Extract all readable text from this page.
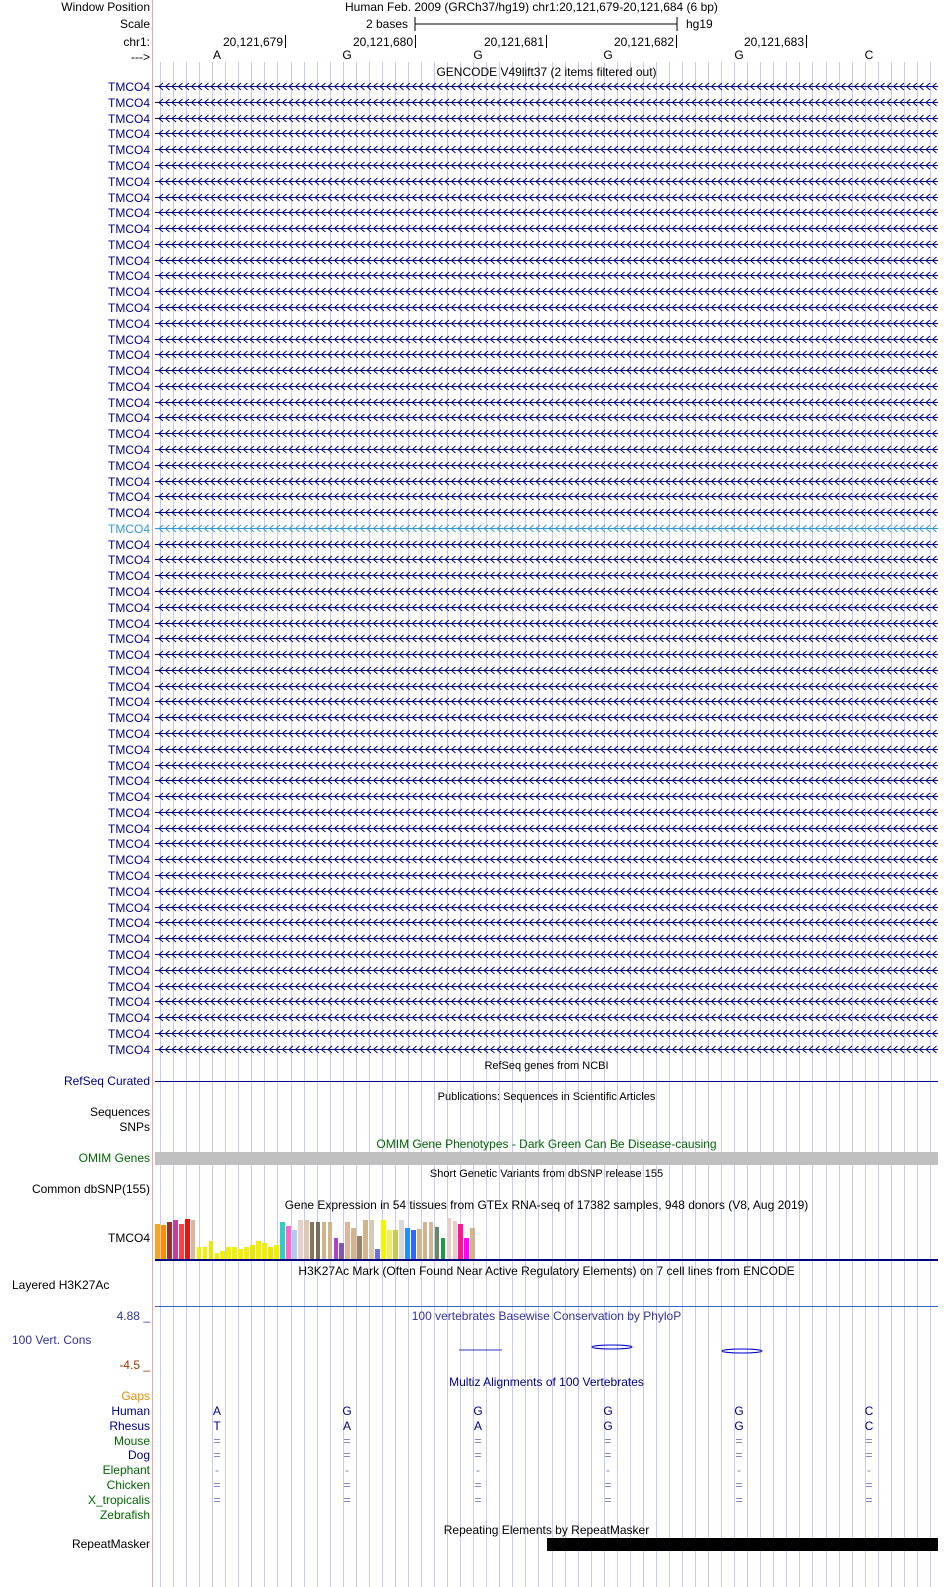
Window Position	Human Feb. 2009 (GRCh37/hg19) chr1:20,121,679-20,121,684 (6 bp)
Scale	2 bases	hg19
chr1:	20,121,679	20,121,680	20,121,681	20,121,682	20,121,683
--->	A	G	G	G	G	C
GENCODE V49lift37 (2 items filtered out)
TMCO4
TMCO4
TMCO4
TMCO4
TMCO4
TMCO4
TMCO4
TMCO4
TMCO4
TMCO4
TMCO4
TMCO4
TMCO4
TMCO4
TMCO4
TMCO4
TMCO4
TMCO4
TMCO4
TMCO4
TMCO4
TMCO4
TMCO4
TMCO4
TMCO4
TMCO4
TMCO4
TMCO4
TMCO4
TMCO4
TMCO4
TMCO4
TMCO4
TMCO4
TMCO4
TMCO4
TMCO4
TMCO4
TMCO4
TMCO4
TMCO4
TMCO4
TMCO4
TMCO4
TMCO4
TMCO4
TMCO4
TMCO4
TMCO4
TMCO4
TMCO4
TMCO4
TMCO4
TMCO4
TMCO4
TMCO4
TMCO4
TMCO4
TMCO4
TMCO4
TMCO4
TMCO4
RefSeq genes from NCBI
RefSeq Curated
Publications: Sequences in Scientific Articles
Sequences
SNPs
OMIM Gene Phenotypes - Dark Green Can Be Disease-causing
OMIM Genes
Short Genetic Variants from dbSNP release 155
Common dbSNP(155)
Gene Expression in 54 tissues from GTEx RNA-seq of 17382 samples, 948 donors (V8, Aug 2019)
TMCO4
H3K27Ac Mark (Often Found Near Active Regulatory Elements) on 7 cell lines from ENCODE
Layered H3K27Ac
4.88 _	100 vertebrates Basewise Conservation by PhyloP
100 Vert. Cons
-4.5 _
Multiz Alignments of 100 Vertebrates
Gaps
Human	A	G	G	G	G	C
Rhesus	T	A	A	G	G	C
Mouse	=	=	=	=	=	=
Dog	=	=	=	=	=	=
Elephant	-	-	-	-	-	-
Chicken	=	=	=	=	=	=
X_tropicalis	=	=	=	=	=	=
Zebrafish
Repeating Elements by RepeatMasker
RepeatMasker
